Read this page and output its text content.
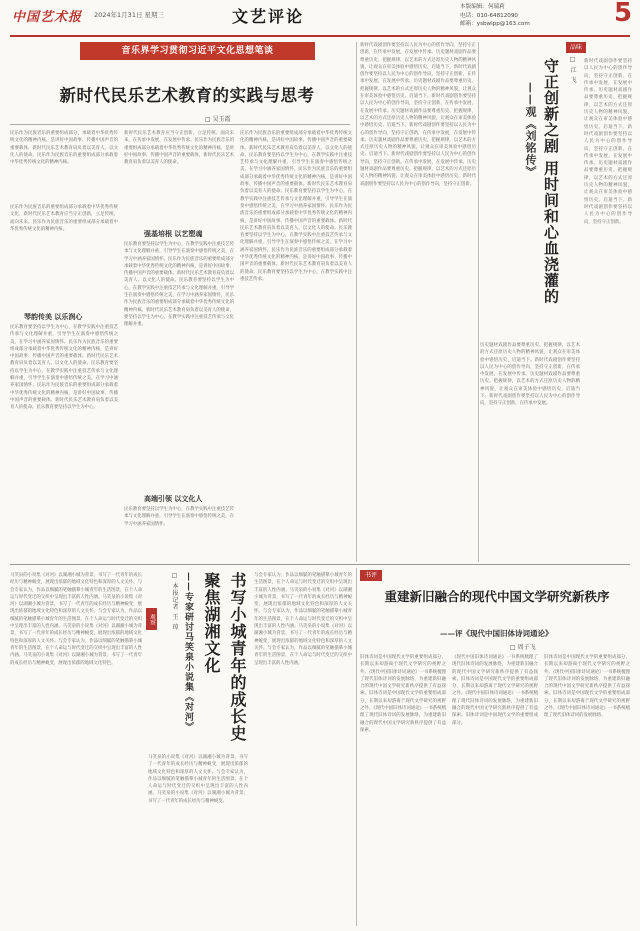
中国艺术报 2024年1月31日 星期三	文艺评论	本版编辑：何瑞莉
电话：010-64812090
邮箱：ysbwlpp@163.com	5
音乐界学习贯彻习近平文化思想笔谈
新时代民乐艺术教育的实践与思考
□ 吴玉霞
民乐作为民族音乐的重要组成部分，承载着中华优秀传统文化的精神内核，是讲好中国故事、传播中国声音的重要载体，新时代民乐艺术教育肩负着以美育人、以文化人的使命。民乐作为民族音乐的重要组成部分承载着中华优秀传统文化的精神内核。
民乐作为民族音乐的重要组成部分承载着中华优秀传统文化，新时代民乐艺术教育应当守正创新，立足传统、面向未来。民乐作为民族音乐的重要组成部分承载着中华优秀传统文化的精神内核。
琴韵传美 以乐润心
民乐教育要坚持以学生为中心，在教学实践中注重技艺传承与文化理解并重，引导学生在演奏中感悟传统之美，在学习中涵养家国情怀。民乐作为民族音乐的重要组成部分承载着中华优秀传统文化的精神内核，是讲好中国故事、传播中国声音的重要载体。新时代民乐艺术教育肩负着以美育人、以文化人的使命。民乐教育要坚持以学生为中心，在教学实践中注重技艺传承与文化理解并重，引导学生在演奏中感悟传统之美，在学习中涵养家国情怀，民乐作为民族音乐的重要组成部分承载着中华优秀传统文化的精神内核，是讲好中国故事、传播中国声音的重要载体。新时代民乐艺术教育肩负着以美育人的使命。民乐教育要坚持以学生为中心。
新时代民乐艺术教育应当守正创新，立足传统、面向未来，在传承中发展，在发展中传承。民乐作为民族音乐的重要组成部分承载着中华优秀传统文化的精神内核，是讲好中国故事、传播中国声音的重要载体，新时代民乐艺术教育肩负着以美育人的使命。
强基培根 以艺塑魂
民乐教育要坚持以学生为中心，在教学实践中注重技艺传承与文化理解并重，引导学生在演奏中感悟传统之美，在学习中涵养家国情怀。民乐作为民族音乐的重要组成部分承载着中华优秀传统文化的精神内核，是讲好中国故事、传播中国声音的重要载体。新时代民乐艺术教育肩负着以美育人、以文化人的使命。民乐教育要坚持以学生为中心，在教学实践中注重技艺传承与文化理解并重，引导学生在演奏中感悟传统之美，在学习中涵养家国情怀，民乐作为民族音乐的重要组成部分承载着中华优秀传统文化的精神内核。新时代民乐艺术教育肩负着以美育人的使命，要坚持以学生为中心，在教学实践中注重技艺传承与文化理解并重。
高端引领 以文化人
民乐教育要坚持以学生为中心，在教学实践中注重技艺传承与文化理解并重，引导学生在演奏中感悟传统之美，在学习中涵养家国情怀。
民乐作为民族音乐的重要组成部分承载着中华优秀传统文化的精神内核，是讲好中国故事、传播中国声音的重要载体。新时代民乐艺术教育肩负着以美育人、以文化人的使命。民乐教育要坚持以学生为中心，在教学实践中注重技艺传承与文化理解并重，引导学生在演奏中感悟传统之美，在学习中涵养家国情怀，民乐作为民族音乐的重要组成部分承载着中华优秀传统文化的精神内核，是讲好中国故事、传播中国声音的重要载体。新时代民乐艺术教育肩负着以美育人的使命。民乐教育要坚持以学生为中心，在教学实践中注重技艺传承与文化理解并重，引导学生在演奏中感悟传统之美，在学习中涵养家国情怀。民乐作为民族音乐的重要组成部分承载着中华优秀传统文化的精神内核，是讲好中国故事、传播中国声音的重要载体。新时代民乐艺术教育肩负着以美育人、以文化人的使命。民乐教育要坚持以学生为中心，在教学实践中注重技艺传承与文化理解并重，引导学生在演奏中感悟传统之美，在学习中涵养家国情怀，民乐作为民族音乐的重要组成部分承载着中华优秀传统文化的精神内核，是讲好中国故事、传播中国声音的重要载体。新时代民乐艺术教育肩负着以美育人的使命。民乐教育要坚持以学生为中心，在教学实践中注重技艺传承。
新时代戏剧创作要坚持以人民为中心的创作导向，坚持守正创新，在传承中发展，在发展中传承。历史题材戏剧作品要尊重历史、把握规律，以艺术的方式还原历史人物的精神风貌，让观众在审美体验中感悟历史、启迪当下。新时代戏剧创作要坚持以人民为中心的创作导向，坚持守正创新，在传承中发展，在发展中传承。历史题材戏剧作品要尊重历史、把握规律，以艺术的方式还原历史人物的精神风貌，让观众在审美体验中感悟历史、启迪当下。新时代戏剧创作要坚持以人民为中心的创作导向，坚持守正创新，在传承中发展，在发展中传承。历史题材戏剧作品要尊重历史、把握规律，以艺术的方式还原历史人物的精神风貌，让观众在审美体验中感悟历史、启迪当下。新时代戏剧创作要坚持以人民为中心的创作导向，坚持守正创新，在传承中发展，在发展中传承。历史题材戏剧作品要尊重历史、把握规律，以艺术的方式还原历史人物的精神风貌，让观众在审美体验中感悟历史、启迪当下。新时代戏剧创作要坚持以人民为中心的创作导向，坚持守正创新，在传承中发展，在发展中传承。历史题材戏剧作品要尊重历史、把握规律，以艺术的方式还原历史人物的精神风貌，让观众在审美体验中感悟历史。新时代戏剧创作要坚持以人民为中心的创作导向，坚持守正创新。
品味
守正创新之剧 用时间和心血浇灌的
——观《刘铭传》
□ 江 飞
历史题材戏剧作品要尊重历史、把握规律，以艺术的方式还原历史人物的精神风貌，让观众在审美体验中感悟历史、启迪当下。新时代戏剧创作要坚持以人民为中心的创作导向，坚持守正创新，在传承中发展，在发展中传承。历史题材戏剧作品要尊重历史、把握规律，以艺术的方式还原历史人物的精神风貌，让观众在审美体验中感悟历史、启迪当下。新时代戏剧创作要坚持以人民为中心的创作导向，坚持守正创新，在传承中发展。
新时代戏剧创作要坚持以人民为中心的创作导向，坚持守正创新，在传承中发展，在发展中传承。历史题材戏剧作品要尊重历史、把握规律，以艺术的方式还原历史人物的精神风貌，让观众在审美体验中感悟历史、启迪当下。新时代戏剧创作要坚持以人民为中心的创作导向，坚持守正创新，在传承中发展，在发展中传承。历史题材戏剧作品要尊重历史、把握规律，以艺术的方式还原历史人物的精神风貌，让观众在审美体验中感悟历史、启迪当下。新时代戏剧创作要坚持以人民为中心的创作导向，坚持守正创新。
马笑泉的小说集《对河》以湖湘小城为背景，书写了一代青年的成长经历与精神蜕变，展现出浓郁的地域文化特色和深厚的人文关怀。与会专家认为，作品以细腻的笔触描摹小城青年的生活图景，在个人命运与时代变迁的交织中呈现出丰富的人性内涵。马笑泉的小说集《对河》以湖湘小城为背景，书写了一代青年的成长经历与精神蜕变，展现出浓郁的地域文化特色和深厚的人文关怀。与会专家认为，作品以细腻的笔触描摹小城青年的生活图景，在个人命运与时代变迁的交织中呈现出丰富的人性内涵。马笑泉的小说集《对河》以湖湘小城为背景，书写了一代青年的成长经历与精神蜕变，展现出浓郁的地域文化特色和深厚的人文关怀。与会专家认为，作品以细腻的笔触描摹小城青年的生活图景，在个人命运与时代变迁的交织中呈现出丰富的人性内涵。马笑泉的小说集《对河》以湖湘小城为背景，书写了一代青年的成长经历与精神蜕变，展现出浓郁的地域文化特色。
观察	□ 本报记者 王 琼 ——专家研讨马笑泉小说集《对河》	书写小城青年的成长史 聚焦湖湘文化
马笑泉的小说集《对河》以湖湘小城为背景，书写了一代青年的成长经历与精神蜕变，展现出浓郁的地域文化特色和深厚的人文关怀。与会专家认为，作品以细腻的笔触描摹小城青年的生活图景，在个人命运与时代变迁的交织中呈现出丰富的人性内涵。马笑泉的小说集《对河》以湖湘小城为背景，书写了一代青年的成长经历与精神蜕变。
与会专家认为，作品以细腻的笔触描摹小城青年的生活图景，在个人命运与时代变迁的交织中呈现出丰富的人性内涵。马笑泉的小说集《对河》以湖湘小城为背景，书写了一代青年的成长经历与精神蜕变，展现出浓郁的地域文化特色和深厚的人文关怀。与会专家认为，作品以细腻的笔触描摹小城青年的生活图景，在个人命运与时代变迁的交织中呈现出丰富的人性内涵。马笑泉的小说集《对河》以湖湘小城为背景，书写了一代青年的成长经历与精神蜕变，展现出浓郁的地域文化特色和深厚的人文关怀。与会专家认为，作品以细腻的笔触描摹小城青年的生活图景，在个人命运与时代变迁的交织中呈现出丰富的人性内涵。
书评
重建新旧融合的现代中国文学研究新秩序
——评《现代中国旧体诗词通论》
□ 周子飞
旧体诗词是中国现代文学的重要组成部分，长期以来却游离于现代文学研究的视野之外。《现代中国旧体诗词通论》一书系统梳理了现代旧体诗词的发展脉络，为重建新旧融合的现代中国文学研究新秩序提供了有益探索。旧体诗词是中国现代文学的重要组成部分，长期以来却游离于现代文学研究的视野之外。《现代中国旧体诗词通论》一书系统梳理了现代旧体诗词的发展脉络，为重建新旧融合的现代中国文学研究新秩序提供了有益探索。
《现代中国旧体诗词通论》一书系统梳理了现代旧体诗词的发展脉络，为重建新旧融合的现代中国文学研究新秩序提供了有益探索。旧体诗词是中国现代文学的重要组成部分，长期以来却游离于现代文学研究的视野之外。《现代中国旧体诗词通论》一书系统梳理了现代旧体诗词的发展脉络，为重建新旧融合的现代中国文学研究新秩序提供了有益探索。旧体诗词是中国现代文学的重要组成部分。
旧体诗词是中国现代文学的重要组成部分，长期以来却游离于现代文学研究的视野之外。《现代中国旧体诗词通论》一书系统梳理了现代旧体诗词的发展脉络，为重建新旧融合的现代中国文学研究新秩序提供了有益探索。旧体诗词是中国现代文学的重要组成部分，长期以来却游离于现代文学研究的视野之外。《现代中国旧体诗词通论》一书系统梳理了现代旧体诗词的发展脉络。
